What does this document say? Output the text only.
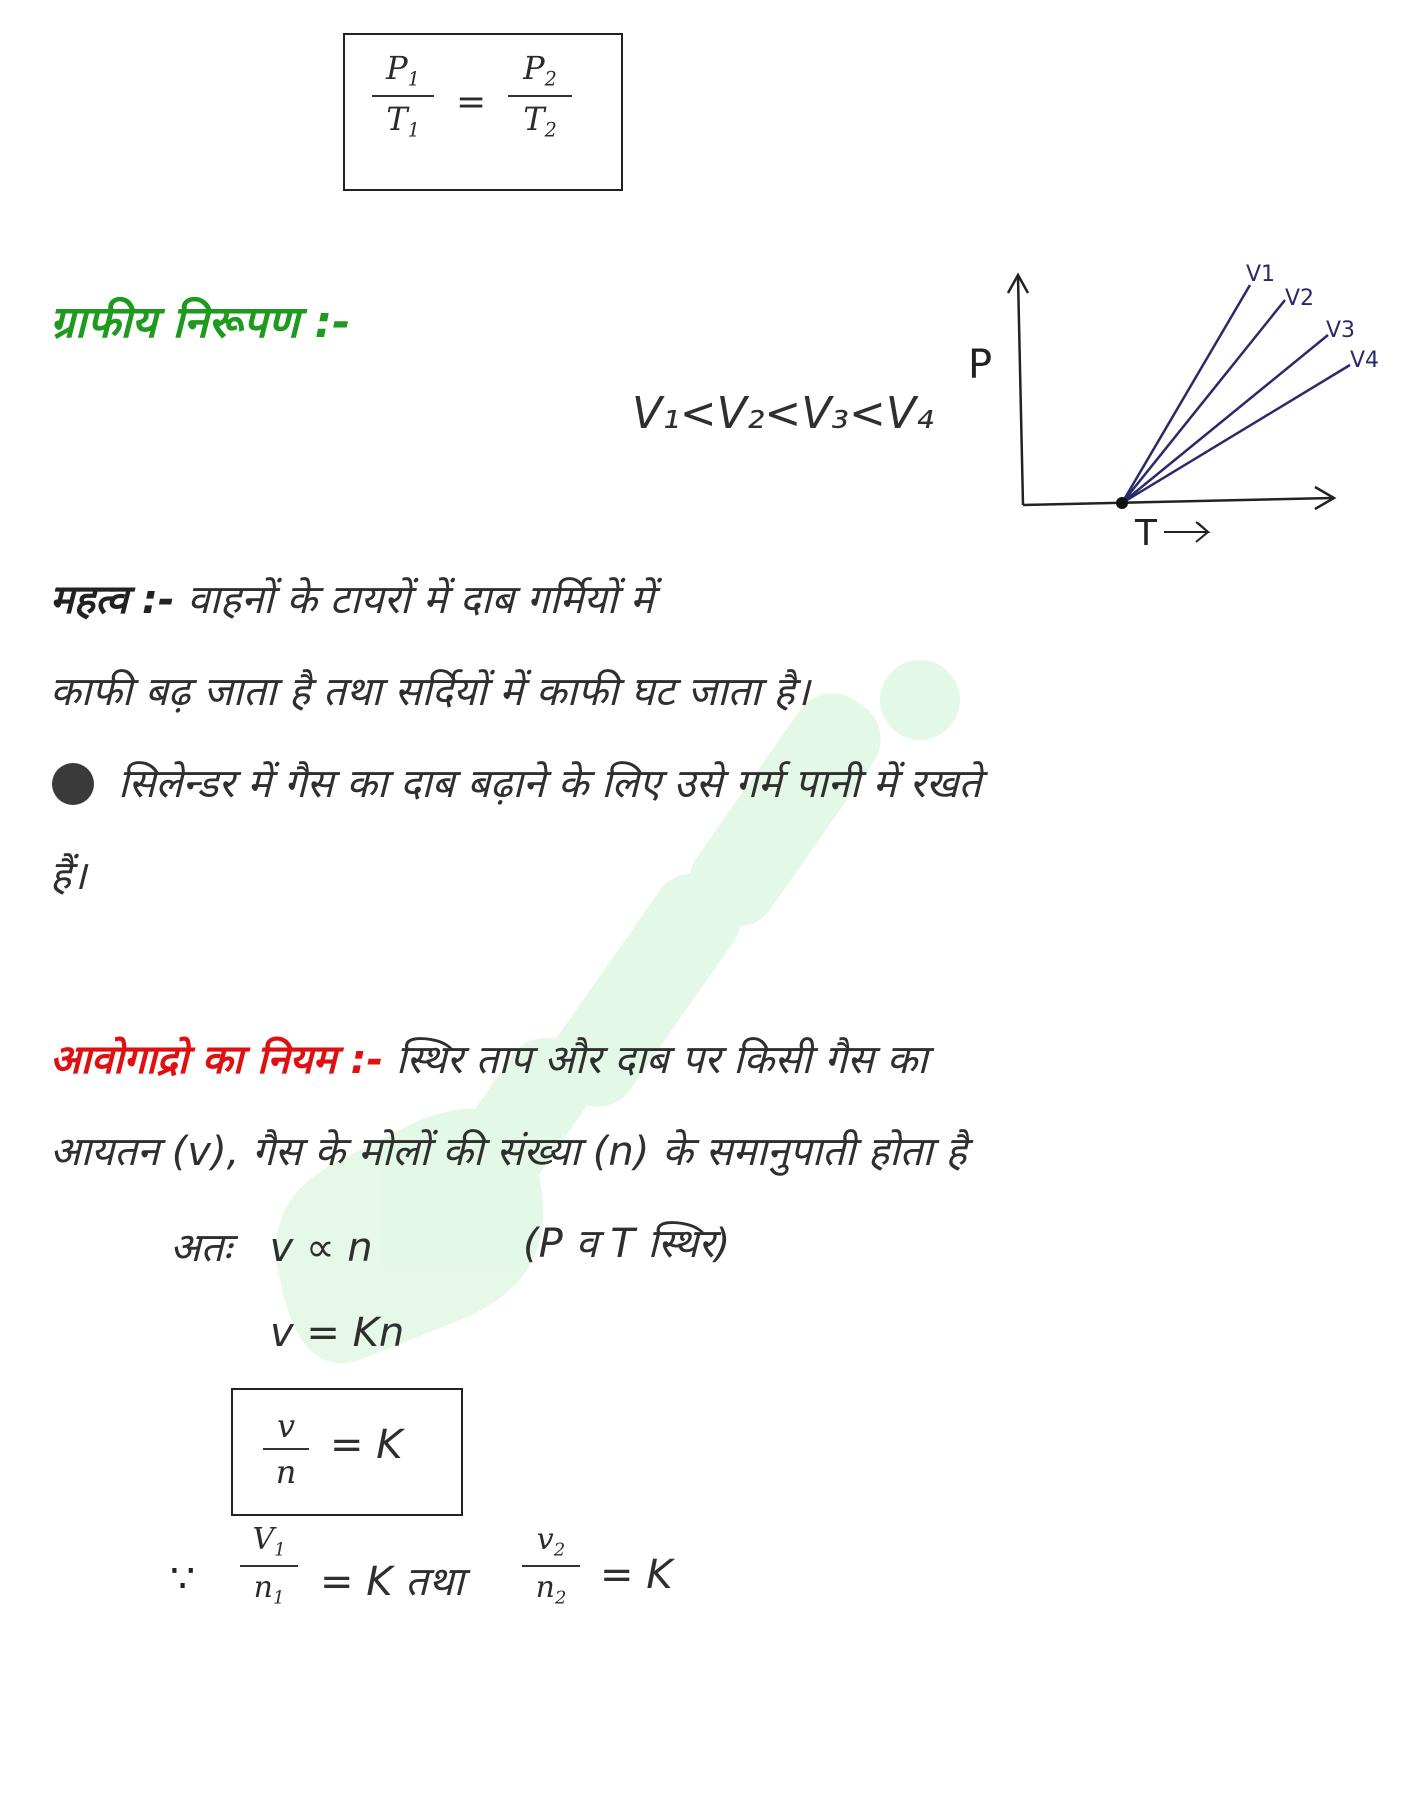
$P_1$
$T_1$
=
$P_2$
$T_2$
ग्राफीय निरूपण :-
V₁<V₂<V₃<V₄
P
T
V1
V2
V3
V4
महत्व :- वाहनों के टायरों में दाब गर्मियों में
काफी बढ़ जाता है तथा सर्दियों में काफी घट जाता है।
सिलेन्डर में गैस का दाब बढ़ाने के लिए उसे गर्म पानी में रखते
हैं।
आवोगाद्रो का नियम :- स्थिर ताप और दाब पर किसी गैस का
आयतन (v), गैस के मोलों की संख्या (n) के समानुपाती होता है
अतः v ∝ n	(P व T स्थिर)
v = Kn
v
n
= K
∵
$V_1$
$n_1 = K$ तथा
$v_2$
$n_2$
= K
